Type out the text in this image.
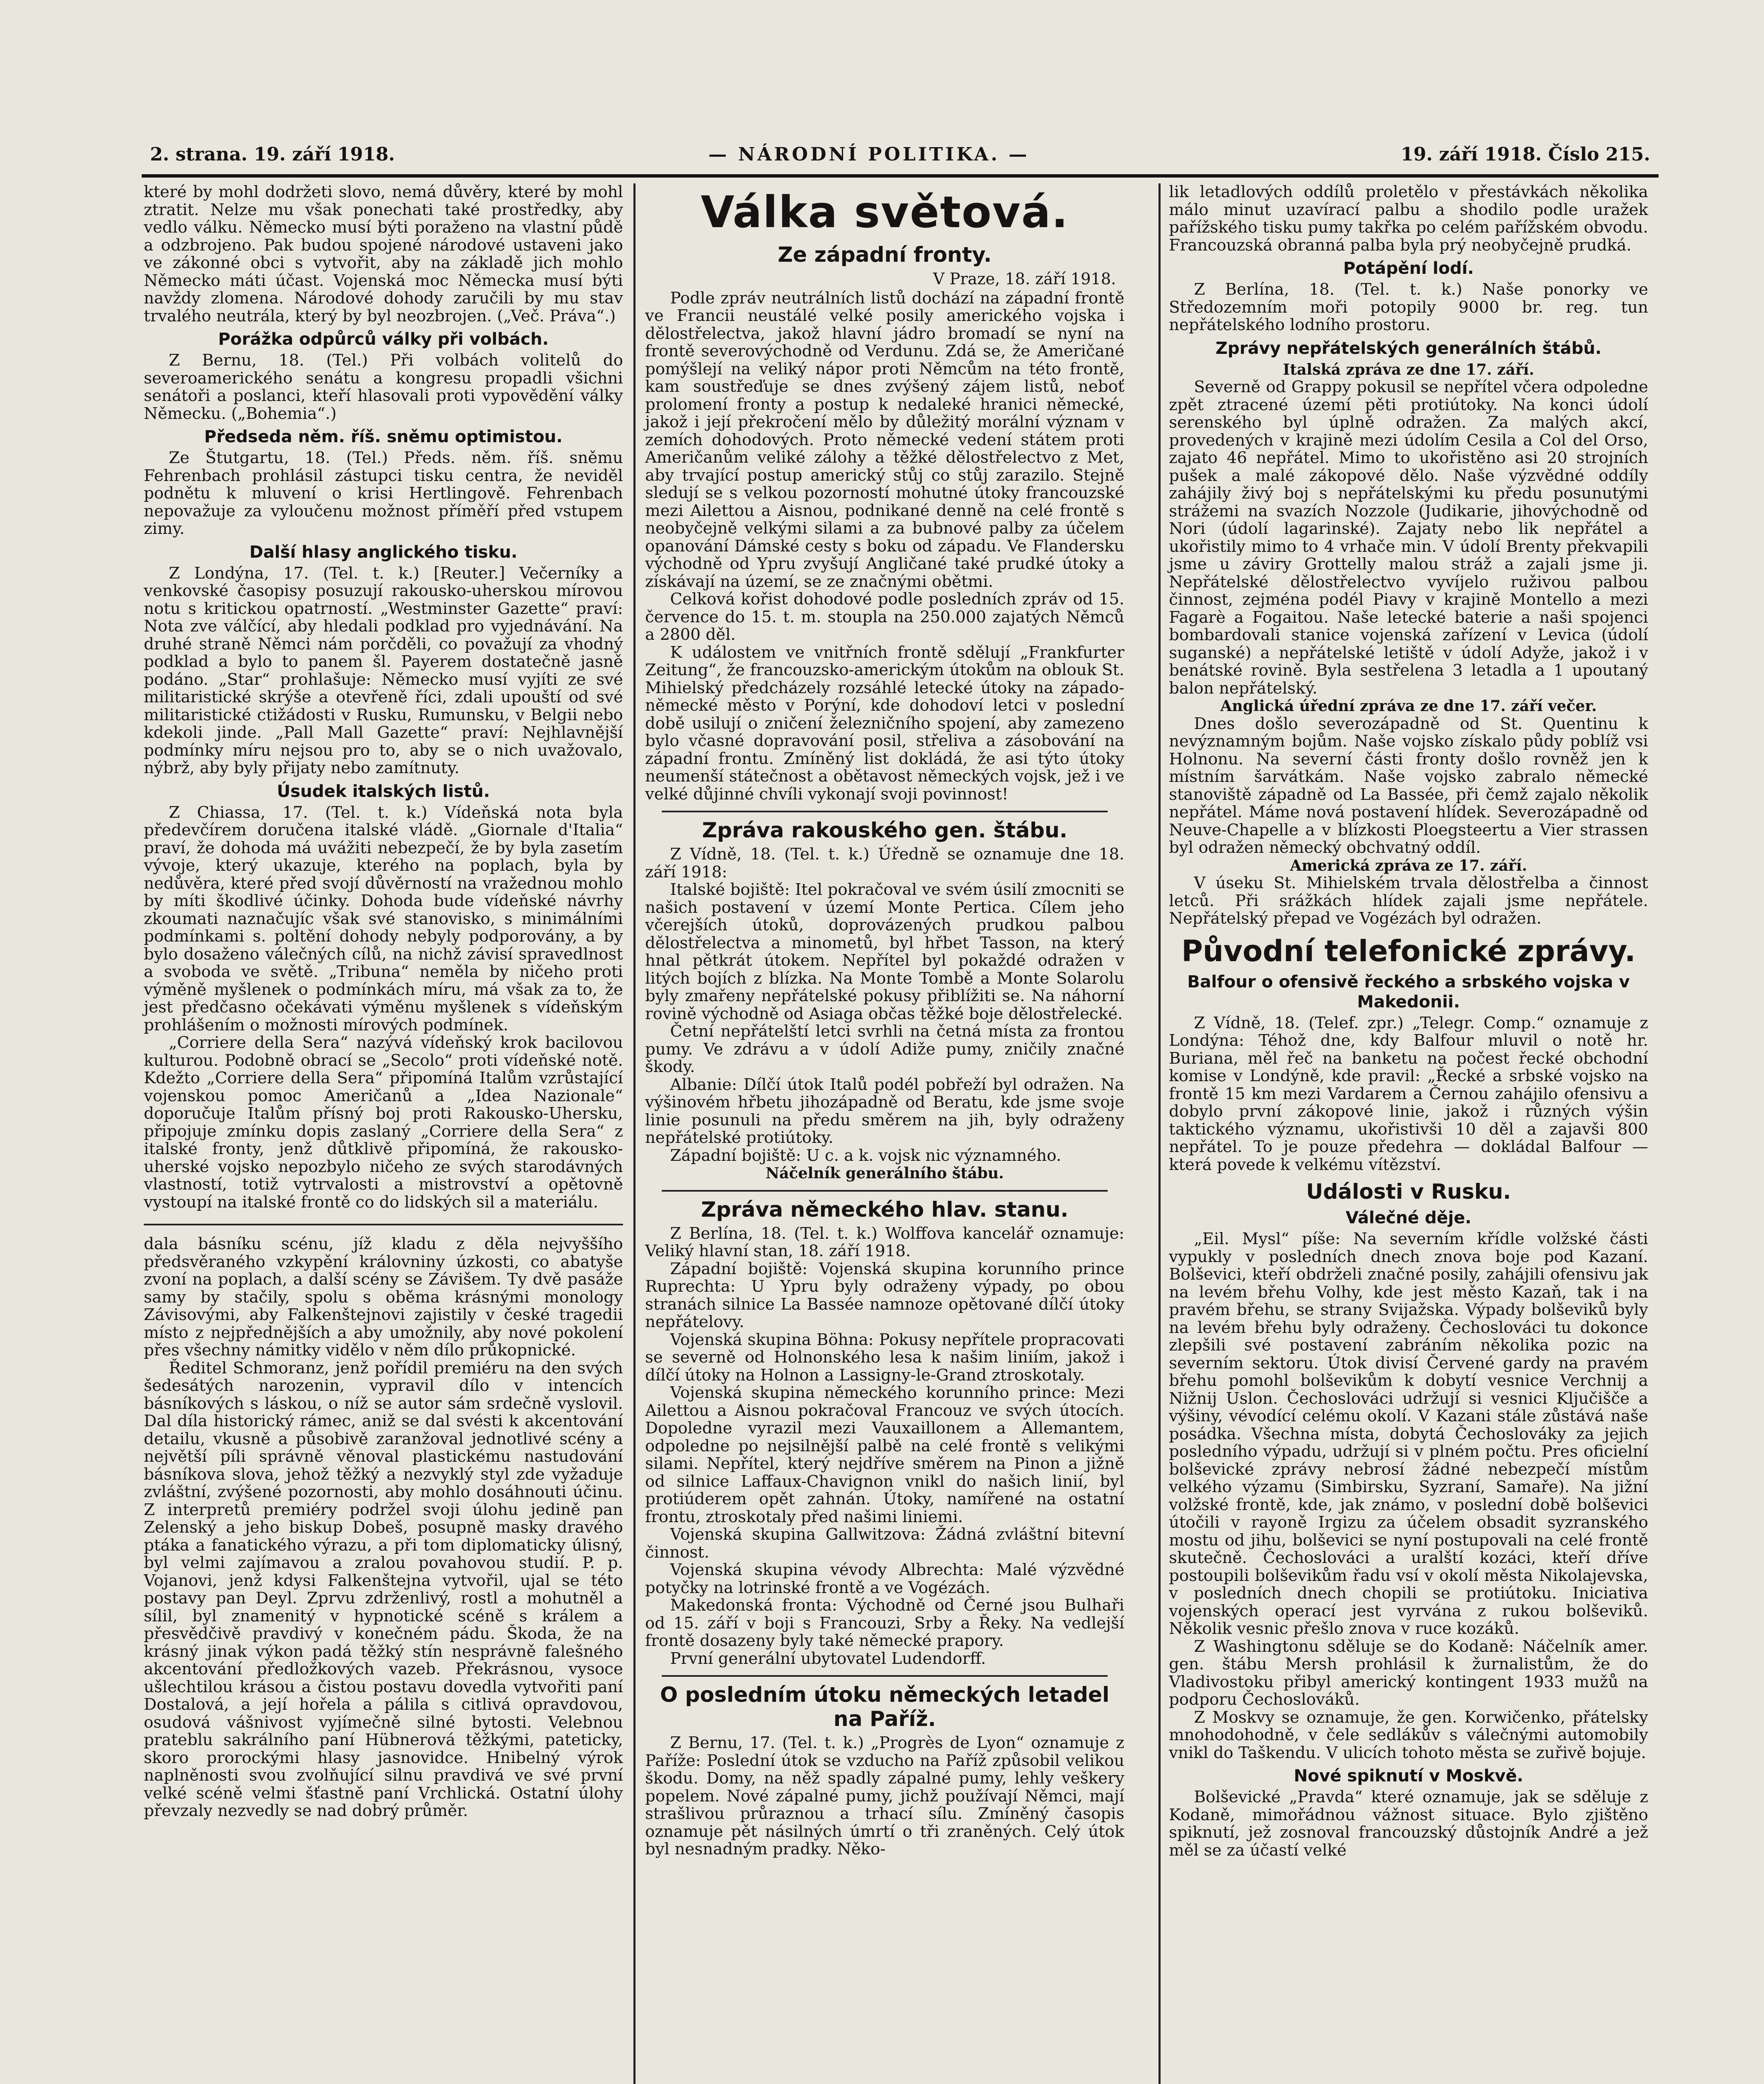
2. strana. 19. září 1918.	— NÁRODNÍ POLITIKA. —	19. září 1918. Číslo 215.

které by mohl dodržeti slovo, nemá důvěry, které by mohl ztratit. Nelze mu však ponechati také prostředky, aby vedlo válku. Německo musí býti poraženo na vlastní půdě a odzbrojeno. Pak budou spojené národové ustaveni jako ve zákonné obci s vytvořit, aby na základě jich mohlo Německo máti účast. Vojenská moc Německa musí býti navždy zlomena. Národové dohody zaručili by mu stav trvalého neutrála, který by byl neozbrojen. („Več. Práva“.)

Porážka odpůrců války při volbách.

Z Bernu, 18. (Tel.) Při volbách volitelů do severoamerického senátu a kongresu propadli všichni senátoři a poslanci, kteří hlasovali proti vypovědění války Německu. („Bohemia“.)

Předseda něm. říš. sněmu optimistou.

Ze Štutgartu, 18. (Tel.) Předs. něm. říš. sněmu Fehrenbach prohlásil zástupci tisku centra, že neviděl podnětu k mluvení o krisi Hertlingově. Fehrenbach nepovažuje za vyloučenu možnost příměří před vstupem zimy.

Další hlasy anglického tisku.

Z Londýna, 17. (Tel. t. k.) [Reuter.] Večerníky a venkovské časopisy posuzují rakousko-uherskou mírovou notu s kritickou opatrností. „Westminster Gazette“ praví: Nota zve válčící, aby hledali podklad pro vyjednávání. Na druhé straně Němci nám porčděli, co považují za vhodný podklad a bylo to panem šl. Payerem dostatečně jasně podáno. „Star“ prohlašuje: Německo musí vyjíti ze své militaristické skrýše a otevřeně říci, zdali upouští od své militaristické ctižádosti v Rusku, Rumunsku, v Belgii nebo kdekoli jinde. „Pall Mall Gazette“ praví: Nejhlavnější podmínky míru nejsou pro to, aby se o nich uvažovalo, nýbrž, aby byly přijaty nebo zamítnuty.

Úsudek italských listů.

Z Chiassa, 17. (Tel. t. k.) Vídeňská nota byla předevčírem doručena italské vládě. „Giornale d'Italia“ praví, že dohoda má uvážiti nebezpečí, že by byla zasetím vývoje, který ukazuje, kterého na poplach, byla by nedůvěra, které před svojí důvěrností na vražednou mohlo by míti škodlivé účinky. Dohoda bude vídeňské návrhy zkoumati naznačujíc však své stanovisko, s minimálními podmínkami s. poltění dohody nebyly podporovány, a by bylo dosaženo válečných cílů, na nichž závisí spravedlnost a svoboda ve světě. „Tribuna“ neměla by ničeho proti výměně myšlenek o podmínkách míru, má však za to, že jest předčasno očekávati výměnu myšlenek s vídeňským prohlášením o možnosti mírových podmínek.

„Corriere della Sera“ nazývá vídeňský krok bacilovou kulturou. Podobně obrací se „Secolo“ proti vídeňské notě. Kdežto „Corriere della Sera“ připomíná Italům vzrůstající vojenskou pomoc Američanů a „Idea Nazionale“ doporučuje Italům přísný boj proti Rakousko-Uhersku, připojuje zmínku dopis zaslaný „Corriere della Sera“ z italské fronty, jenž důtklivě připomíná, že rakousko-uherské vojsko nepozbylo ničeho ze svých starodávných vlastností, totiž vytrvalosti a mistrovství a opětovně vystoupí na italské frontě co do lidských sil a materiálu.

dala básníku scénu, jíž kladu z děla nejvyššího předsvěraného vzkypění královniny úzkosti, co abatyše zvoní na poplach, a další scény se Závišem. Ty dvě pasáže samy by stačily, spolu s oběma krásnými monology Závisovými, aby Falkenštejnovi zajistily v české tragedii místo z nejpřednějších a aby umožnily, aby nové pokolení přes všechny námitky vidělo v něm dílo průkopnické.

Ředitel Schmoranz, jenž pořídil premiéru na den svých šedesátých narozenin, vypravil dílo v intencích básníkových s láskou, o níž se autor sám srdečně vyslovil. Dal díla historický rámec, aniž se dal svésti k akcentování detailu, vkusně a působivě zaranžoval jednotlivé scény a největší píli správně věnoval plastickému nastudování básníkova slova, jehož těžký a nezvyklý styl zde vyžaduje zvláštní, zvýšené pozornosti, aby mohlo dosáhnouti účinu. Z interpretů premiéry podržel svoji úlohu jedině pan Zelenský a jeho biskup Dobeš, posupně masky dravého ptáka a fanatického výrazu, a při tom diplomaticky úlisný, byl velmi zajímavou a zralou povahovou studií. P. p. Vojanovi, jenž kdysi Falkenštejna vytvořil, ujal se této postavy pan Deyl. Zprvu zdrženlivý, rostl a mohutněl a sílil, byl znamenitý v hypnotické scéně s králem a přesvědčivě pravdivý v konečném pádu. Škoda, že na krásný jinak výkon padá těžký stín nesprávně falešného akcentování předložkových vazeb. Překrásnou, vysoce ušlechtilou krásou a čistou postavu dovedla vytvořiti paní Dostalová, a její hořela a pálila s citlivá opravdovou, osudová vášnivost vyjímečně silné bytosti. Velebnou prateblu sakrálního paní Hübnerová těžkými, pateticky, skoro prorockými hlasy jasnovidce. Hnibelný výrok naplněnosti svou zvolňující silnu pravdivá ve své první velké scéně velmi šťastně paní Vrchlická. Ostatní úlohy převzaly nezvedly se nad dobrý průměr.

Válka světová.
Ze západní fronty.
V Praze, 18. září 1918.

Podle zpráv neutrálních listů dochází na západní frontě ve Francii neustálé velké posily amerického vojska i dělostřelectva, jakož hlavní jádro bromadí se nyní na frontě severovýchodně od Verdunu. Zdá se, že Američané pomýšlejí na veliký nápor proti Němcům na této frontě, kam soustřeďuje se dnes zvýšený zájem listů, neboť prolomení fronty a postup k nedaleké hranici německé, jakož i její překročení mělo by důležitý morální význam v zemích dohodových. Proto německé vedení státem proti Američanům veliké zálohy a těžké dělostřelectvo z Met, aby trvající postup americký stůj co stůj zarazilo. Stejně sledují se s velkou pozorností mohutné útoky francouzské mezi Ailettou a Aisnou, podnikané denně na celé frontě s neobyčejně velkými silami a za bubnové palby za účelem opanování Dámské cesty s boku od západu. Ve Flandersku východně od Ypru zvyšují Angličané také prudké útoky a získávají na území, se ze značnými obětmi.

Celková kořist dohodové podle posledních zpráv od 15. července do 15. t. m. stoupla na 250.000 zajatých Němců a 2800 děl.

K událostem ve vnitřních frontě sdělují „Frankfurter Zeitung“, že francouzsko-americkým útokům na oblouk St. Mihielský předcházely rozsáhlé letecké útoky na západo-německé město v Porýní, kde dohodoví letci v poslední době usilují o zničení železničního spojení, aby zamezeno bylo včasné dopravování posil, střeliva a zásobování na západní frontu. Zmíněný list dokládá, že asi týto útoky neumenší státečnost a obětavost německých vojsk, jež i ve velké důjinné chvíli vykonají svoji povinnost!

Zpráva rakouského gen. štábu.

Z Vídně, 18. (Tel. t. k.) Úředně se oznamuje dne 18. září 1918:

Italské bojiště: Itel pokračoval ve svém úsilí zmocniti se našich postavení v území Monte Pertica. Cílem jeho včerejších útoků, doprovázených prudkou palbou dělostřelectva a minometů, byl hřbet Tasson, na který hnal pětkrát útokem. Nepřítel byl pokaždé odražen v litých bojích z blízka. Na Monte Tombě a Monte Solarolu byly zmařeny nepřátelské pokusy přiblížiti se. Na náhorní rovině východně od Asiaga občas těžké boje dělostřelecké.

Četní nepřátelští letci svrhli na četná místa za frontou pumy. Ve zdrávu a v údolí Adiže pumy, zničily značné škody.

Albanie: Dílčí útok Italů podél pobřeží byl odražen. Na výšinovém hřbetu jihozápadně od Beratu, kde jsme svoje linie posunuli na předu směrem na jih, byly odraženy nepřátelské protiútoky.

Západní bojiště: U c. a k. vojsk nic významného.

Náčelník generálního štábu.
Zpráva německého hlav. stanu.

Z Berlína, 18. (Tel. t. k.) Wolffova kancelář oznamuje: Veliký hlavní stan, 18. září 1918.

Západní bojiště: Vojenská skupina korunního prince Ruprechta: U Ypru byly odraženy výpady, po obou stranách silnice La Bassée namnoze opětované dílčí útoky nepřátelovy.

Vojenská skupina Böhna: Pokusy nepřítele propracovati se severně od Holnonského lesa k našim liniím, jakož i dílčí útoky na Holnon a Lassigny-le-Grand ztroskotaly.

Vojenská skupina německého korunního prince: Mezi Ailettou a Aisnou pokračoval Francouz ve svých útocích. Dopoledne vyrazil mezi Vauxaillonem a Allemantem, odpoledne po nejsilnější palbě na celé frontě s velikými silami. Nepřítel, který nejdříve směrem na Pinon a jižně od silnice Laffaux-Chavignon vnikl do našich linií, byl protiúderem opět zahnán. Útoky, namířené na ostatní frontu, ztroskotaly před našimi liniemi.

Vojenská skupina Gallwitzova: Žádná zvláštní bitevní činnost.

Vojenská skupina vévody Albrechta: Malé výzvědné potyčky na lotrinské frontě a ve Vogézách.

Makedonská fronta: Východně od Černé jsou Bulhaři od 15. září v boji s Francouzi, Srby a Řeky. Na vedlejší frontě dosazeny byly také německé prapory.

První generální ubytovatel Ludendorff.

O posledním útoku německých letadel na Paříž.

Z Bernu, 17. (Tel. t. k.) „Progrès de Lyon“ oznamuje z Paříže: Poslední útok se vzducho na Paříž způsobil velikou škodu. Domy, na něž spadly zápalné pumy, lehly veškery popelem. Nové zápalné pumy, jichž používají Němci, mají strašlivou průraznou a trhací sílu. Zmíněný časopis oznamuje pět násilných úmrtí o tři zraněných. Celý útok byl nesnadným pradky. Něko-

lik letadlových oddílů proletělo v přestávkách několika málo minut uzavírací palbu a shodilo podle uražek pařížského tisku pumy takřka po celém pařížském obvodu. Francouzská obranná palba byla prý neobyčejně prudká.

Potápění lodí.

Z Berlína, 18. (Tel. t. k.) Naše ponorky ve Středozemním moři potopily 9000 br. reg. tun nepřátelského lodního prostoru.

Zprávy nepřátelských generálních štábů.
Italská zpráva ze dne 17. září.

Severně od Grappy pokusil se nepřítel včera odpoledne zpět ztracené území pěti protiútoky. Na konci údolí serenského byl úplně odražen. Za malých akcí, provedených v krajině mezi údolím Cesila a Col del Orso, zajato 46 nepřátel. Mimo to ukořistěno asi 20 strojních pušek a malé zákopové dělo. Naše výzvědné oddíly zahájily živý boj s nepřátelskými ku předu posunutými strážemi na svazích Nozzole (Judikarie, jihovýchodně od Nori (údolí lagarinské). Zajaty nebo lik nepřátel a ukořistily mimo to 4 vrhače min. V údolí Brenty překvapili jsme u záviry Grottelly malou stráž a zajali jsme ji. Nepřátelské dělostřelectvo vyvíjelo ruživou palbou činnost, zejména podél Piavy v krajině Montello a mezi Fagarè a Fogaitou. Naše letecké baterie a naši spojenci bombardovali stanice vojenská zařízení v Levica (údolí suganské) a nepřátelské letiště v údolí Adyže, jakož i v benátské rovině. Byla sestřelena 3 letadla a 1 upoutaný balon nepřátelský.

Anglická úřední zpráva ze dne 17. září večer.

Dnes došlo severozápadně od St. Quentinu k nevýznamným bojům. Naše vojsko získalo půdy poblíž vsi Holnonu. Na severní části fronty došlo rovněž jen k místním šarvátkám. Naše vojsko zabralo německé stanoviště západně od La Bassée, při čemž zajalo několik nepřátel. Máme nová postavení hlídek. Severozápadně od Neuve-Chapelle a v blízkosti Ploegsteertu a Vier strassen byl odražen německý obchvatný oddíl.

Americká zpráva ze 17. září.

V úseku St. Mihielském trvala dělostřelba a činnost letců. Při srážkách hlídek zajali jsme nepřátele. Nepřátelský přepad ve Vogézách byl odražen.

Původní telefonické zprávy.
Balfour o ofensivě řeckého a srbského vojska v Makedonii.

Z Vídně, 18. (Telef. zpr.) „Telegr. Comp.“ oznamuje z Londýna: Téhož dne, kdy Balfour mluvil o notě hr. Buriana, měl řeč na banketu na počest řecké obchodní komise v Londýně, kde pravil: „Řecké a srbské vojsko na frontě 15 km mezi Vardarem a Černou zahájilo ofensivu a dobylo první zákopové linie, jakož i různých výšin taktického významu, ukořistivši 10 děl a zajavši 800 nepřátel. To je pouze předehra — dokládal Balfour — která povede k velkému vítězství.

Události v Rusku.
Válečné děje.

„Eil. Mysl“ píše: Na severním křídle volžské části vypukly v posledních dnech znova boje pod Kazaní. Bolševici, kteří obdrželi značné posily, zahájili ofensivu jak na levém břehu Volhy, kde jest město Kazaň, tak i na pravém břehu, se strany Svijažska. Výpady bolševiků byly na levém břehu byly odraženy. Čechoslováci tu dokonce zlepšili své postavení zabráním několika pozic na severním sektoru. Útok divisí Červené gardy na pravém břehu pomohl bolševikům k dobytí vesnice Verchnij a Nižnij Uslon. Čechoslováci udržují si vesnici Ključišče a výšiny, vévodící celému okolí. V Kazani stále zůstává naše posádka. Všechna místa, dobytá Čechoslováky za jejich posledního výpadu, udržují si v plném počtu. Pres oficielní bolševické zprávy nebrosí žádné nebezpečí místům velkého výzamu (Simbirsku, Syzraní, Samaře). Na jižní volžské frontě, kde, jak známo, v poslední době bolševici útočili v rayoně Irgizu za účelem obsadit syzranského mostu od jihu, bolševici se nyní postupovali na celé frontě skutečně. Čechoslováci a uralští kozáci, kteří dříve postoupili bolševikům řadu vsí v okolí města Nikolajevska, v posledních dnech chopili se protiútoku. Iniciativa vojenských operací jest vyrvána z rukou bolševiků. Několik vesnic přešlo znova v ruce kozáků.

Z Washingtonu sděluje se do Kodaně: Náčelník amer. gen. štábu Mersh prohlásil k žurnalistům, že do Vladivostoku přibyl americký kontingent 1933 mužů na podporu Čechoslováků.

Z Moskvy se oznamuje, že gen. Korwičenko, přátelsky mnohodohodně, v čele sedlákův s válečnými automobily vnikl do Taškendu. V ulicích tohoto města se zuřivě bojuje.

Nové spiknutí v Moskvě.

Bolševické „Pravda“ které oznamuje, jak se sděluje z Kodaně, mimořádnou vážnost situace. Bylo zjištěno spiknutí, jež zosnoval francouzský důstojník André a jež měl se za účastí velké
